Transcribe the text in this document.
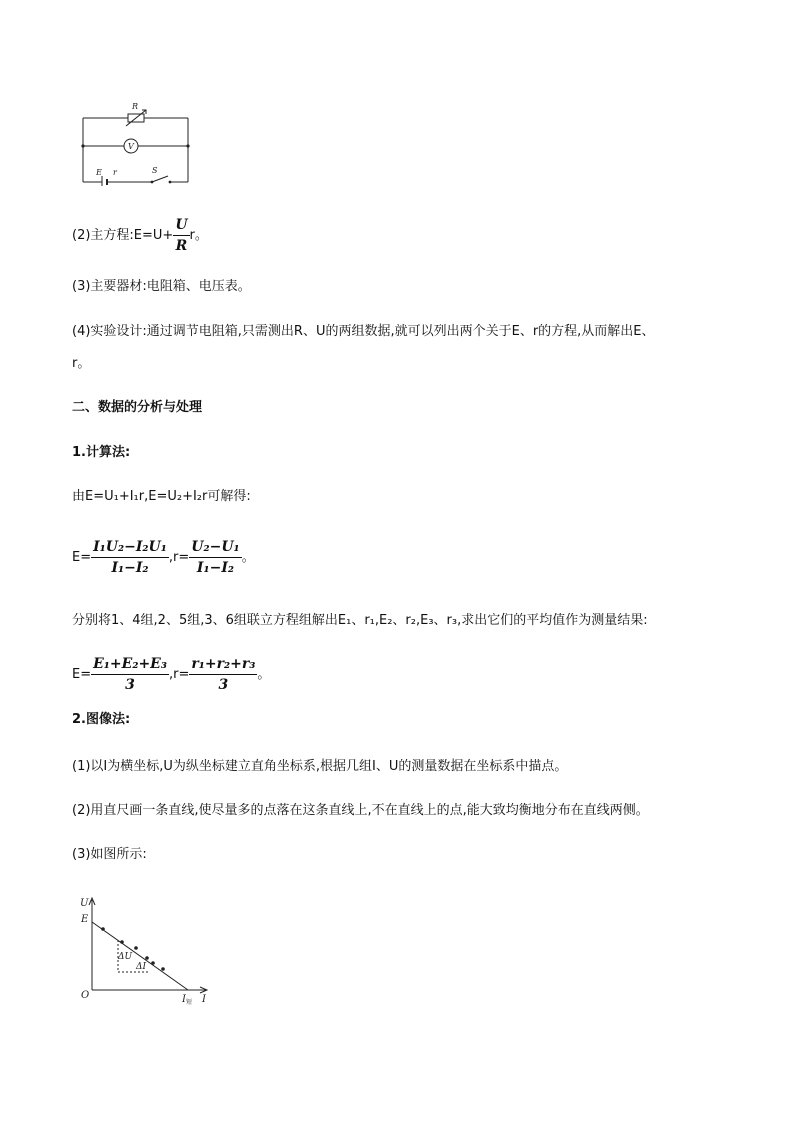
R
V
E r	S
(2)主方程:E=U+ $\frac{U}{R}$ r。
(3)主要器材:电阻箱、电压表。
(4)实验设计:通过调节电阻箱,只需测出R、U的两组数据,就可以列出两个关于E、r的方程,从而解出E、
r。
二、数据的分析与处理
1.计算法:
由E=U₁+I₁r,E=U₂+I₂r可解得:
$E= \frac{\text{I₁U₂−I₂U₁}}{\text{I₁−I₂}} ,r= \frac{\text{U₂−U₁}}{\text{I₁−I₂}}$ 。
分别将1、4组,2、5组,3、6组联立方程组解出E₁、r₁,E₂、r₂,E₃、r₃,求出它们的平均值作为测量结果:
$E= \frac{\text{E₁+E₂+E₃}}{3} ,r= \frac{\text{r₁+r₂+r₃}}{3}$ 。
2.图像法:
(1)以I为横坐标,U为纵坐标建立直角坐标系,根据几组I、U的测量数据在坐标系中描点。
(2)用直尺画一条直线,使尽量多的点落在这条直线上,不在直线上的点,能大致均衡地分布在直线两侧。
(3)如图所示:
U
I
O
E
ΔU
ΔI
$I_短$
